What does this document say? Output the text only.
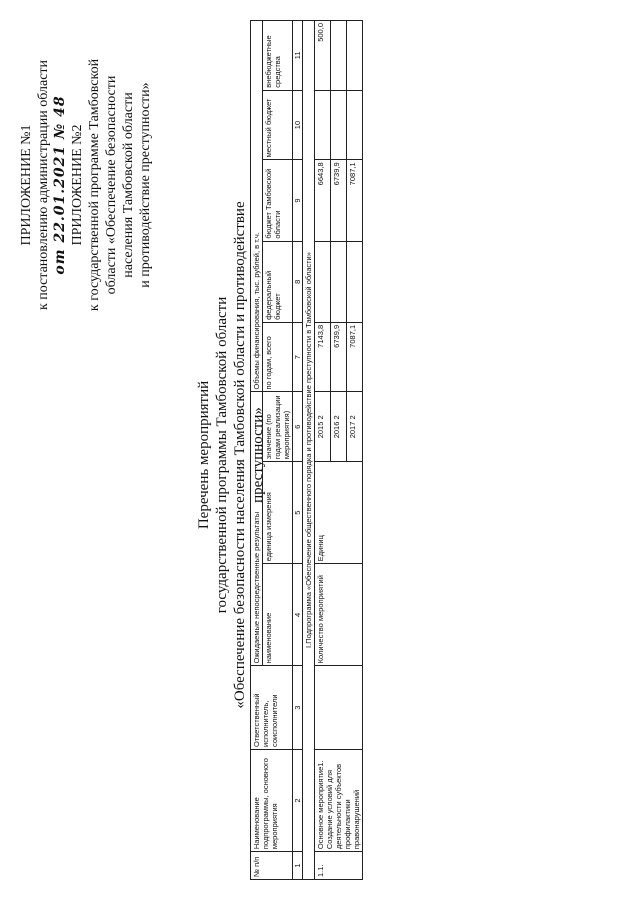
ПРИЛОЖЕНИЕ №1 к постановлению администрации области от 22.01.2021 № 48 ПРИЛОЖЕНИЕ №2 к государственной программе Тамбовской области «Обеспечение безопасности населения Тамбовской области и противодействие преступности»
Перечень мероприятий государственной программы Тамбовской области «Обеспечение безопасности населения Тамбовской области и противодействие преступности»
№ п/п	Наименование подпрограммы, основного мероприятия	Ответственный исполнитель, соисполнители	Ожидаемые непосредственные результаты			Объемы финансирования, тыс. рублей, в т.ч.				
			наименование	единица измерения	значение (по годам реализации мероприятия)	по годам, всего	федеральный бюджет	бюджет Тамбовской области	местный бюджет	внебюджетные средства
1	2	3	4	5	6	7	8	9	10	11
I.Подпрограмма «Обеспечение общественного порядка и противодействие преступности в Тамбовской области»										
1.1.	Основное мероприятие1. Создание условий для деятельности субъектов профилактики правонарушений		Количество мероприятий	Единиц	2015 2	7143,8		6643,8		500,0
					2016 2	6739,9		6739,9		
					2017 2	7087,1		7087,1		
